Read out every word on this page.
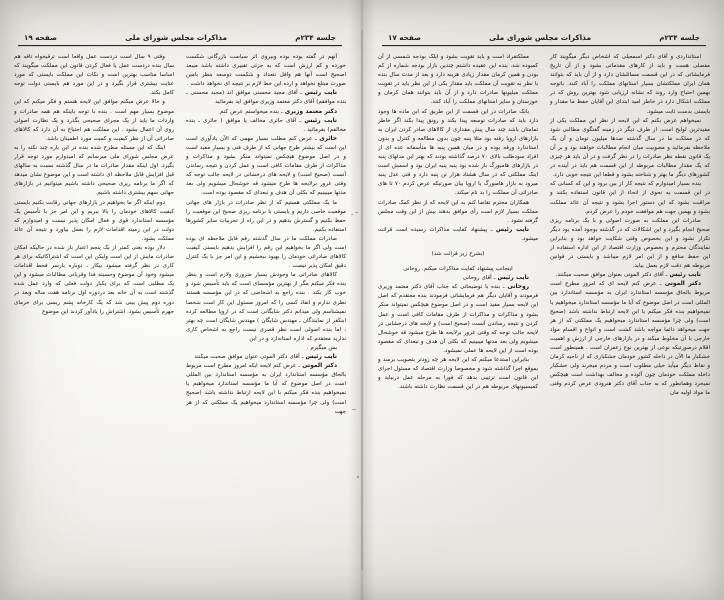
جلسه ۲۳۴م
مذاکرات مجلس شورای ملی
صفحه ۱۷

استانداردی و آقای دکتر اسمعیلی که اشخاص دیگر میگویند کار مفصلی هست و باید از کارهای مقدماتی بشود و از آن تاریخ فرمایشاتی که در این قسمت مسائلشان دارد و از آن باید که بتوانند همان ایران مملکتشان بسیار استانهای مملکت را آباد کنند. باتوجه بهمین احتیاج وارد روند که نشانه ارزیابی شود بهترین روش که در مملکت اشکال دارد در خاطر امید ابتدای این آقایان حفظ ما مقدار و بایستی بدست ثابت میشود.

نمیخواهم عرض بکنم که این لایحه از نظر این مملکت یکی از مفیدترین لوایح است. از طرف دیگر در زمینه گفتگوی مطالبی شود که در مملکت ما در سال گذشته صدها میلیون تومان و آن یک ملاحظه بفرمائید و مصوبیت میان انجام مطالبات خواهند بود و بر آن یک قانون نقطه نظر صادرات را در نظر گرفت و در آن باید هر چیزی که یک مقدار مطالبات مربوطه از این قسمت هم باید در آینده در کشورهای دیگر ما بهتر و شناخته بشود و قطعا این نتیجه خوبی دارد.

بنده بسیار امیدوارم که نتیجه کار از بین برود و این که کسانی که در این قسمت به نحوی از انحاء از این قانون استفاده بکنند و مراقبت بشود که این دستور اجرا بشود و نتیجه آن عائد مملکت بشود و بهمین جهت هم موافقت خودم را عرض کردم.

صادرات این مملکت به صورت اصولی و با یک برنامه ریزی صحیح انجام بگیرد و این اشکالات که در گذشته بوجود آمده بود دیگر تکرار نشود و این بخصوص وقتی شکایت خواهد بود و بنابراین نمایندگان محترم و بخصوص وزارت اقتصاد از این اداره استفاده از این حفظ منافع و از این امر لازم میباشد و بایستی در قوانین مربوطه هم دقت لازم بعمل بیاید.

نایب رئیس ـ آقای دکتر الموتی بعنوان موافق صحبت میکنند.

دکتر الموتی ـ عرض کنم لایحه ای که امروز مطرح است مربوط بالحاق مؤسسه استاندارد ایران به مؤسسه استاندارد بین المللی است در اصل موضوع که آیا ما مؤسسه استاندارد میخواهیم یا نمیخواهیم بنده فکر میکنم با این لایحه ارتباط نداشته باشد (صحیح است) ولی چرا مؤسسه استاندارد میخواهیم یک مملکتی که از هر جهت میخواهد دائما مواجه باشد کشت است و انواع و اقسام مواد خارجی با آن مخلوط میکند و در بازارهای خارجی از ارزش و اهمیت اقلام درصورتیکه نوعی از بهترین نوع زعفران است . همینطور است خشکبار ما الآن در داخله کشور خودمان خشکباری که از ناحیه کرمان و نقاط دیگر میآید خیلی مطلوب است و مردم میخرند ولی خشکبار داخله مملکت خودمان چون آلوده و مخالف بهداشت است هیچکس نمیخرد وهمانطور که به جناب آقای دکتر هنرودی عرض کردم وقتی ما مواد اولیه مان

مملکتفراد است و باید تقویت بشود و ایلک بودجه شمسی از آن کمبوده شد. بنده این عقیده داشتم چندین بازار بودجه شماره از کم بودن و همین کرمان مقدار زیادی هزینه دارد و بعد از مدت سال بنده با نظر به تقویت آن مملکت باید مقدار یکی از این نظر باید در تقویت مملکت میلیونها صادرات دارد و از آن باید بتوانند همان کرمان و خوزستان و سایر استانهای مملکت را آباد کنند.

بانک صادرات در این قسمت از این طریق که ابن ماده ها وجود دارد باید که صادرات توسعه پیدا بکند و رونق پیدا بکند اگر خاطر تمامتان باشد چند سال پیش مقداری از کالاهای صادر کردن ایران به بازارهای اروپا رفته بود مثلا پنبه چون بدون مطالعه و کنترل و بدون استاندارد ورقه بوده و در میان همین پنبه ها متأسفانه عده ای از افراد سودطلب بالای ۷۰ درصد گذاشته بودند که بهتر این مدلهای پنبه در بازارهای هامبورگ باز شده بود پنبه پنبه ایران بود و اسمش است اینک مملکتی که در سال هشتاد هزار تن پنبه دارد و قتی عدل پنبه میرود به بازار هامبورگ یا اروپا بیان صورتیکه عرض کردم ۷۰ تا های صادراتی آن مملکت را بد نام میکند.

همکاران محترم تقاضا کنم به این لایحه که از نظر کمک صادرات مملکت بسیار لازم است رأی موافق بدهند بیش از این وقت مجلس گرفته نشود .

نایب رئیس ـ پیشنهاد کفایت مذاکرات رسیده است قرائت میشود.

(بشرح زیر قرائت شد)

اینجانب پیشنهاد کفایت مذاکرات میکنم. روحانی

نایب رئیس ـ آقای روحانی

روحانی ـ بنده با توضیحاتی که جناب آقای دکتر معتمد وزیری فرمودند و آقایان دیگر هم فرمایشاتی فرمودند بنده معتقدم که اصل این لایحه بسیار مفید است و در اصل موضوع هیچکس نمیتواند منکر بشود و مذاکرات و مذاکرات از طرف مقامات کافی است و عمل کردن و نتیجه رساندن آنست (صحیح است) و لایحه های درخشانی در لایحه جالب توجه که وقتی غرور برلایحه ها طرح میشود قه خوشحال میشویم ولی بعد مدتها میبینیم که بکلی آن هدف و تبعدای که مقصود بوده است از این لایحه ها عملی نمیشود.

بنابراین استدعا میکنم که این لایحه هر چه زودتر بتصویب برسد و بموقع اجرا گذاشته شود و مخصوصا وزارت اقتصاد که مسئول اجرای این قانون است ترتیبی بدهد که فورا به مرحله عمل دربیاید و کمیسیونهای مربوطه هم در این قسمت نظارت داشته باشند.

جلسه ۲۳۴م
مذاکرات مجلس شورای ملی
صفحه ۱۹

آنهم در گفته بوده بوده وبیروی اثر سیاست بازرگانی شکست خورده و کم ارزش است که به جزئی تقییری داشته باشد میبعد اصحیح است آنها هم وافل نتعداد و شکست دوسعه بنظر بامین صورت مبتلغ نخواهد و ارده این خط لازم بر نتیجه ای نخواهد داشت .

نایب رئیس ـ آقای مجید محسنی موافق اند (مجید محسنی ـ بنده موافقم) آقای دکتر معتمد وزیری موافق اید بفرمائید

دکتر معتمد وزیری ـ بنده میخواستم عرض کنم

نایب رئیس ـ آقای حائری مخالف یا موافق ( حائری ـ بنده مخالفم) بفرمائید .

حائری ـ عرض کنم مطلب بسیار مهمی که الآن یادآوری است این است که بیشتر طرح جهانی که از طرف فنی و بسیار مفید است و در اصل موضوع هیچکس نمیتواند منکر بشود و مذاکرات و مذاکرات از طرف مقامات کافی است و عمل کردن و نتیجه رساندن آنست (صحیح است) و لایحه های درخشانی در لایحه جالب توجه که وقتی غرور برلایحه ها طرح میشود قه خوشحال میشویم ولی بعد مدتها میبینیم که بکلی آن هدف و تبعدای که مقصود بوده است.

ما یک مملکتی هستیم که از نظر صادرات در بازار های جهانی موقعیت خاصی داریم و بایستی با برنامه ریزی صحیح این موقعیت را حفظ بکنیم و گسترش بدهیم و در این راه از تجربیات سایر کشورها استفاده بکنیم.

صادرات مملکت ما در سال گذشته رقم قابل ملاحظه ای بوده است ولی اگر ما بخواهیم این رقم را افزایش بدهیم بایستی کیفیت کالاهای صادراتی خودمان را بهبود ببخشیم و این امر جز با یک کنترل دقیق امکان پذیر نیست .

کالاهای صادراتی ما وجودش بسیار ضروری ولازم است و بنظر بنده فکر میکنم مگر از بهترین مؤسسای است که باید تأسیس شود و خوب کار بکند . بنده راجع به اشخاصی که در این مؤسسه هستند نظری ندارم و انقاذ کسی را که امروز مسئول این کار است شخصا نمیشناسم ولی میدانم دکتر شایگانی است که در اروپا مطالعه کرده ابنکفر از نمایندگان ـ مهندس شایگان ) مهندس شایگان است چه بهتر ، اما بنده اصولی است نظر قصری نیست راجع به اشخاص کاری ندارید معتقدم که اداره استاندارد و در این

بس میگیرم .

نایب رئیس ـ آقای دکتر الموتی عنوان موافق صحبت میکنند

دکتر الموتی ـ عرض کنم لایحه ایکه امروز مطرح است مربوط بالحاق مؤسسه استاندارد ایران به مؤسسه استاندارد بین المللی است در اصل موضوع که آیا ما مؤسسه استاندارد میخواهیم یا نمیخواهیم بنده فکر میکنم با این لایحه ارتباط نداشته باشد (صحیح است) ولی چرا مؤسسه استاندارد میخواهیم یک مملکتی که از هر جهت

وقتی ۹ سال است دردست عمل واقعا است ترقیخواه تاقه هم سال بنده دردست عمل یا فعال کردن قانون این مملکت میگویند که اساسا مناسب بهترین است و نکات این مملکت بایستی که مورد عنایت بیشتری قرار بگیرد و در این مورد هم بایستی دولت توجه کامل بکند.

و حالا عرض میکنم موافق این لایحه هستم و فکر میکنم که این موضوع بسیار مهم است . بنده با توجه باینکه هم همه صادرات و واردات ما باید از یک مجرای صحیحی بگذرد و یک نظارت اصولی روی آن اعمال بشود . این مملکت هم احتیاج به آن دارد که کالاهای صادراتی آن از نظر کیفیت و کمیت مورد اطمینان باشد.

اینک که این مسئله مطرح شده بنده در این باره چند نکته را به عرض مجلس شورای ملی میرسانم که امیدوارم مورد توجه قرار بگیرد. اول اینکه مقدار صادرات ما در سال گذشته نسبت به سالهای قبل افزایش قابل ملاحظه ای داشته است و این موضوع نشان میدهد که اگر ما برنامه ریزی صحیحی داشته باشیم میتوانیم در بازارهای جهانی سهم بیشتری داشته باشیم.

دوم اینکه اگر ما بخواهیم در بازارهای جهانی رقابت بکنیم بایستی کیفیت کالاهای خودمان را بالا ببریم و این امر جز با تأسیس یک مؤسسه استاندارد قوی و فعال امکان پذیر نیست و امیدوارم که دولت در این زمینه اقدامات لازم را بعمل بیاورد و نتیجه آن عائد مملکت بشود.

دلار بوده یعنی کمتر از یک پنجم اعتبار باز شده در حالیکه امکان صادرات مایش از این است ولیکن این است که اشتراکاتیکه برای هر کاری در نظر گرفته میشود بیکار ، دوباره بارسر فحط اقدامات میشود وخود آن موضوع وحسیته فدا وقربانی مطالبات میشود و این یک مطلبی است که برای یکبار دولت فعلی که وارد عمل شده گذشته است به آن خانه بعد دردوره اول برنامه هفت ساله وبعد در دوره دوم پیش بینی شد که یک کارخانه پشم ریسی برای خرمای جهرم تأسیس بشود. اشتراش را یادآور کردند این موضوع
